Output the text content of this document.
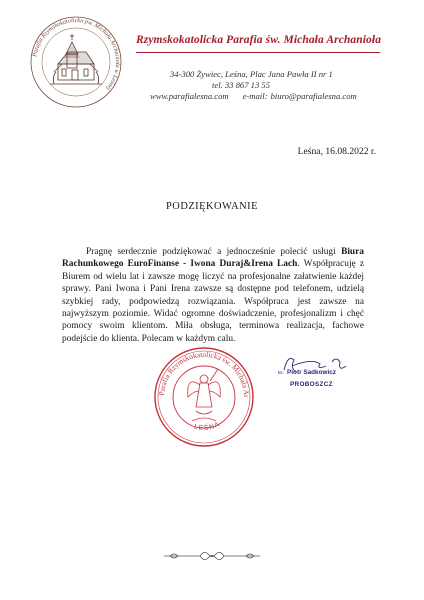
Parafia Rzymskokatolicka pw. Michała Archanioła w Leśnej
Rzymskokatolicka Parafia św. Michała Archanioła
34-300 Żywiec, Leśna, Plac Jana Pawła II nr 1
tel. 33 867 13 55
www.parafialesna.com e-mail: biuro@parafialesna.com
Leśna, 16.08.2022 r.
PODZIĘKOWANIE
Pragnę serdecznie podziękować a jednocześnie polecić usługi Biura Rachunkowego EuroFinanse - Iwona Duraj&Irena Lach. Współpracuję z Biurem od wielu lat i zawsze mogę liczyć na profesjonalne załatwienie każdej sprawy. Pani Iwona i Pani Irena zawsze są dostępne pod telefonem, udzielą szybkiej rady, podpowiedzą rozwiązania. Współpraca jest zawsze na najwyższym poziomie. Widać ogromne doświadczenie, profesjonalizm i chęć pomocy swoim klientom. Miła obsługa, terminowa realizacja, fachowe podejście do klienta. Polecam w każdym calu.
Parafia Rzymskokatolicka św. Michała Ar
LEŚNA
ks. Piotr Sadkowicz
PROBOSZCZ
